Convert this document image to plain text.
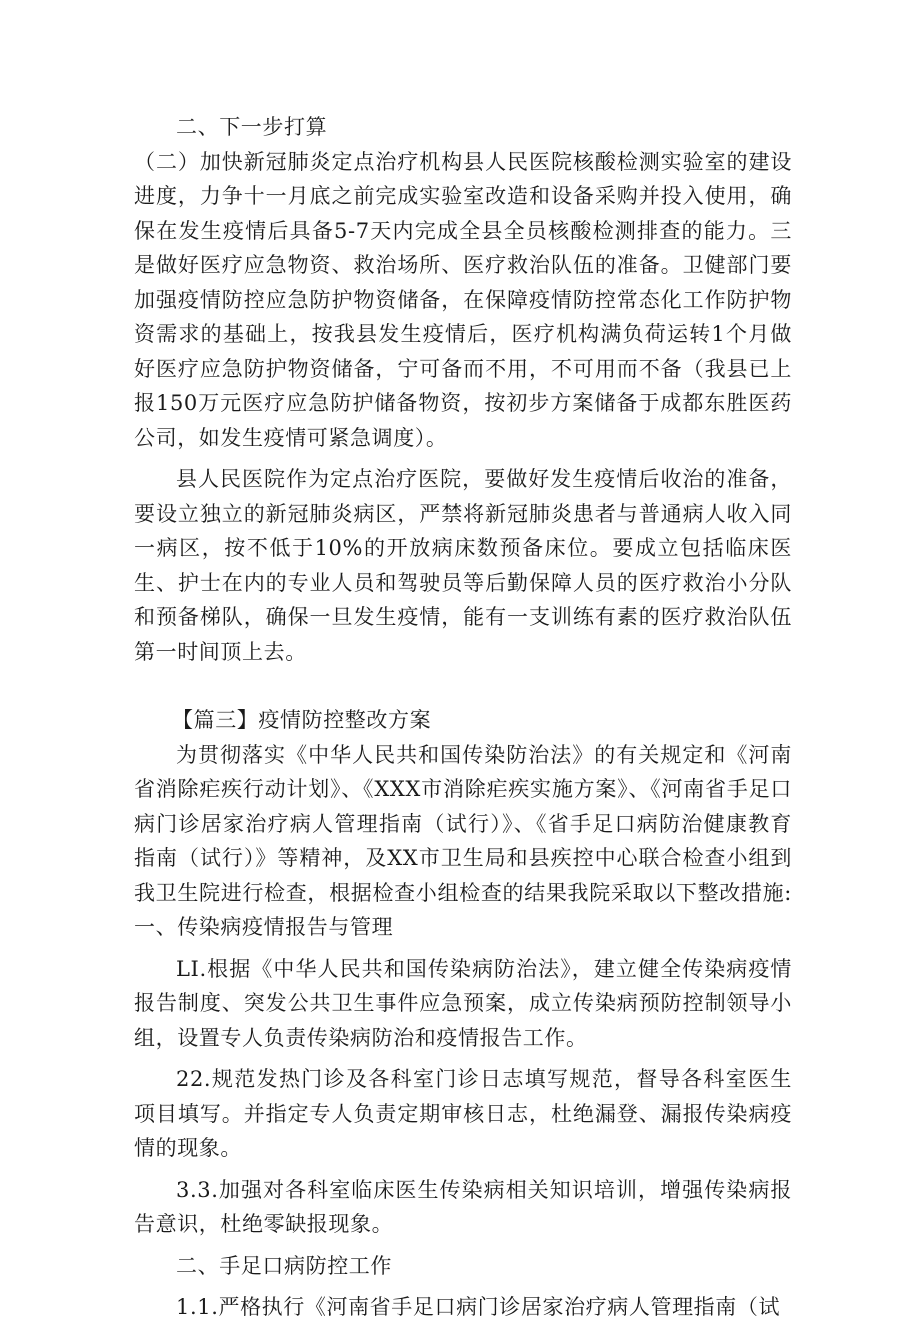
二、下一步打算

（二）加快新冠肺炎定点治疗机构县人民医院核酸检测实验室的建设进度，力争十一月底之前完成实验室改造和设备采购并投入使用，确保在发生疫情后具备5-7天内完成全县全员核酸检测排查的能力。三是做好医疗应急物资、救治场所、医疗救治队伍的准备。卫健部门要加强疫情防控应急防护物资储备，在保障疫情防控常态化工作防护物资需求的基础上，按我县发生疫情后，医疗机构满负荷运转1个月做好医疗应急防护物资储备，宁可备而不用，不可用而不备（我县已上报150万元医疗应急防护储备物资，按初步方案储备于成都东胜医药公司，如发生疫情可紧急调度）。

县人民医院作为定点治疗医院，要做好发生疫情后收治的准备，要设立独立的新冠肺炎病区，严禁将新冠肺炎患者与普通病人收入同一病区，按不低于10%的开放病床数预备床位。要成立包括临床医生、护士在内的专业人员和驾驶员等后勤保障人员的医疗救治小分队和预备梯队，确保一旦发生疫情，能有一支训练有素的医疗救治队伍第一时间顶上去。

【篇三】疫情防控整改方案

为贯彻落实《中华人民共和国传染防治法》的有关规定和《河南省消除疟疾行动计划》、《XXX市消除疟疾实施方案》、《河南省手足口病门诊居家治疗病人管理指南（试行）》、《省手足口病防治健康教育指南（试行）》等精神，及XX市卫生局和县疾控中心联合检查小组到我卫生院进行检查，根据检查小组检查的结果我院采取以下整改措施:一、传染病疫情报告与管理

LI.根据《中华人民共和国传染病防治法》，建立健全传染病疫情报告制度、突发公共卫生事件应急预案，成立传染病预防控制领导小组，设置专人负责传染病防治和疫情报告工作。

22.规范发热门诊及各科室门诊日志填写规范，督导各科室医生项目填写。并指定专人负责定期审核日志，杜绝漏登、漏报传染病疫情的现象。

3.3.加强对各科室临床医生传染病相关知识培训，增强传染病报告意识，杜绝零缺报现象。

二、手足口病防控工作

1.1.严格执行《河南省手足口病门诊居家治疗病人管理指南（试
